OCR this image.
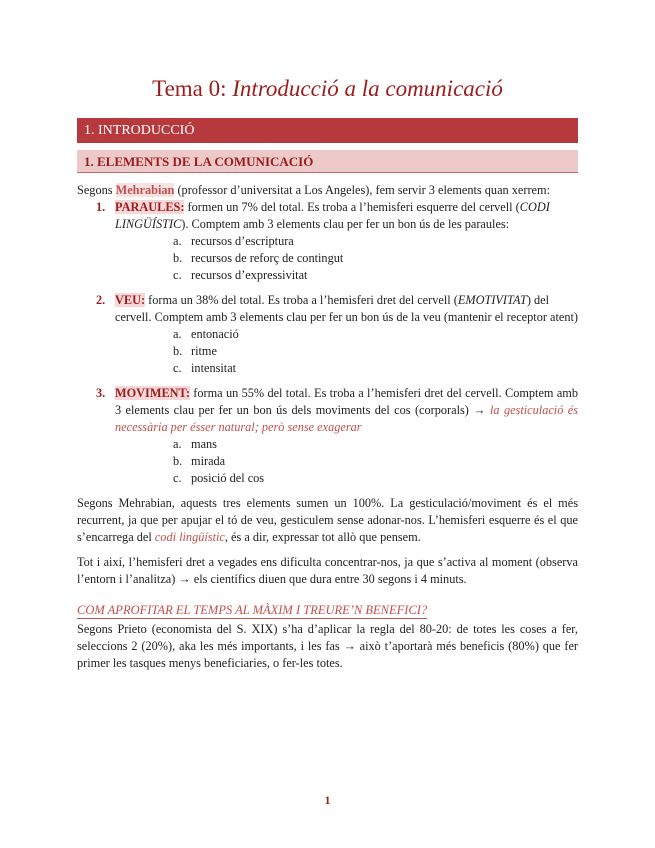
Tema 0: Introducció a la comunicació
1. INTRODUCCIÓ
1. ELEMENTS DE LA COMUNICACIÓ

Segons Mehrabian (professor d’universitat a Los Angeles), fem servir 3 elements quan xerrem:

1. PARAULES: formen un 7% del total. Es troba a l’hemisferi esquerre del cervell (CODI LINGÜÍSTIC). Comptem amb 3 elements clau per fer un bon ús de les paraules:
a. recursos d’escriptura
b. recursos de reforç de contingut
c. recursos d’expressivitat
2. VEU: forma un 38% del total. Es troba a l’hemisferi dret del cervell (EMOTIVITAT) del cervell. Comptem amb 3 elements clau per fer un bon ús de la veu (mantenir el receptor atent)
a. entonació
b. ritme
c. intensitat
3. MOVIMENT: forma un 55% del total. Es troba a l’hemisferi dret del cervell. Comptem amb 3 elements clau per fer un bon ús dels moviments del cos (corporals) → la gesticulació és necessària per ésser natural; però sense exagerar
a. mans
b. mirada
c. posició del cos

Segons Mehrabian, aquests tres elements sumen un 100%. La gesticulació/moviment és el més recurrent, ja que per apujar el tó de veu, gesticulem sense adonar-nos. L’hemisferi esquerre és el que s’encarrega del codi lingüístic, és a dir, expressar tot allò que pensem.

Tot i així, l’hemisferi dret a vegades ens dificulta concentrar-nos, ja que s’activa al moment (observa l’entorn i l’analitza) → els científics diuen que dura entre 30 segons i 4 minuts.

COM APROFITAR EL TEMPS AL MÀXIM I TREURE’N BENEFICI?

Segons Prieto (economista del S. XIX) s’ha d’aplicar la regla del 80-20: de totes les coses a fer, seleccions 2 (20%), aka les més importants, i les fas → això t’aportarà més beneficis (80%) que fer primer les tasques menys beneficiaries, o fer-les totes.

1
